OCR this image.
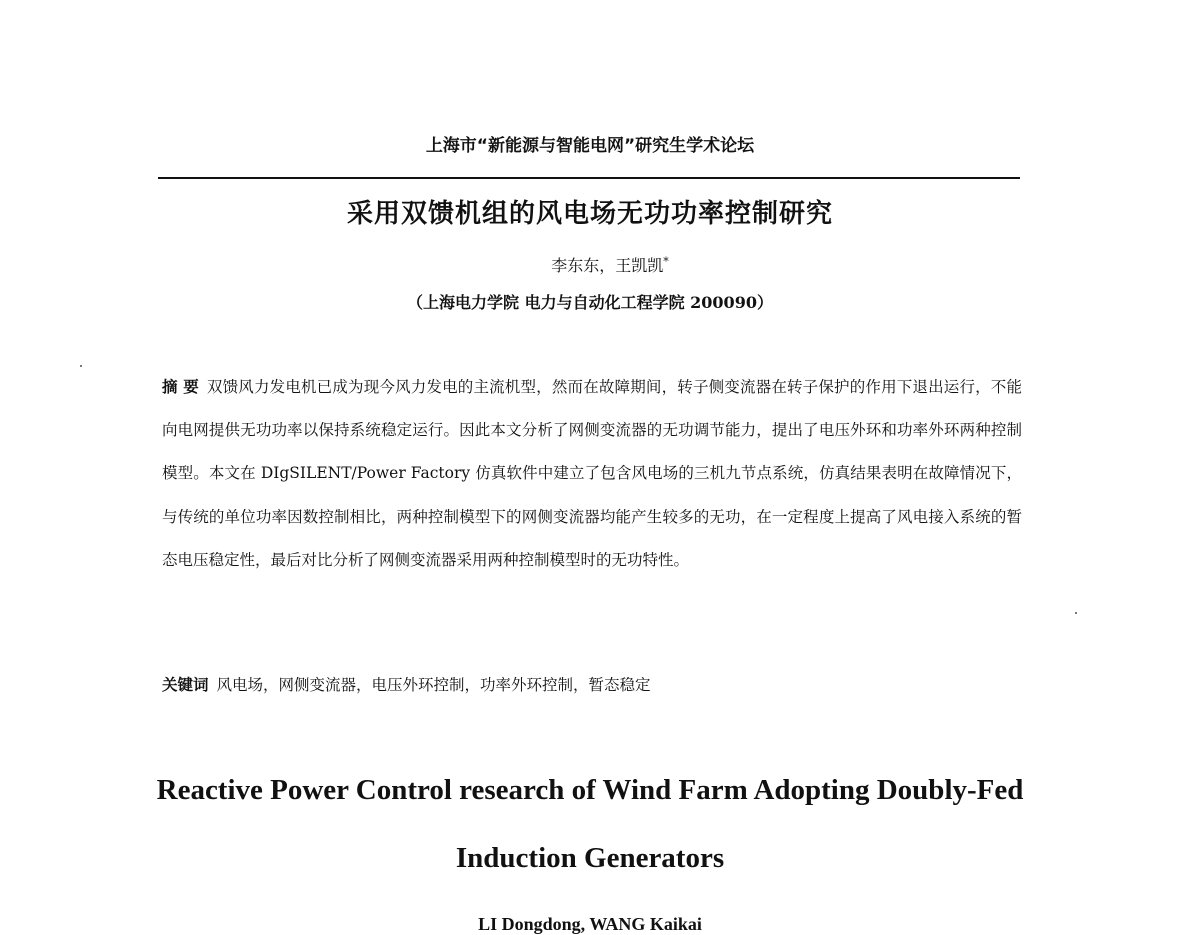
上海市“新能源与智能电网”研究生学术论坛
采用双馈机组的风电场无功功率控制研究
李东东，王凯凯*
（上海电力学院 电力与自动化工程学院 200090）
摘 要 双馈风力发电机已成为现今风力发电的主流机型，然而在故障期间，转子侧变流器在转子保护的作用下退出运行，不能向电网提供无功功率以保持系统稳定运行。因此本文分析了网侧变流器的无功调节能力，提出了电压外环和功率外环两种控制模型。本文在 DIgSILENT/Power Factory 仿真软件中建立了包含风电场的三机九节点系统，仿真结果表明在故障情况下，与传统的单位功率因数控制相比，两种控制模型下的网侧变流器均能产生较多的无功，在一定程度上提高了风电接入系统的暂态电压稳定性，最后对比分析了网侧变流器采用两种控制模型时的无功特性。
关键词 风电场，网侧变流器，电压外环控制，功率外环控制，暂态稳定
Reactive Power Control research of Wind Farm Adopting Doubly-Fed Induction Generators
LI Dongdong, WANG Kaikai
